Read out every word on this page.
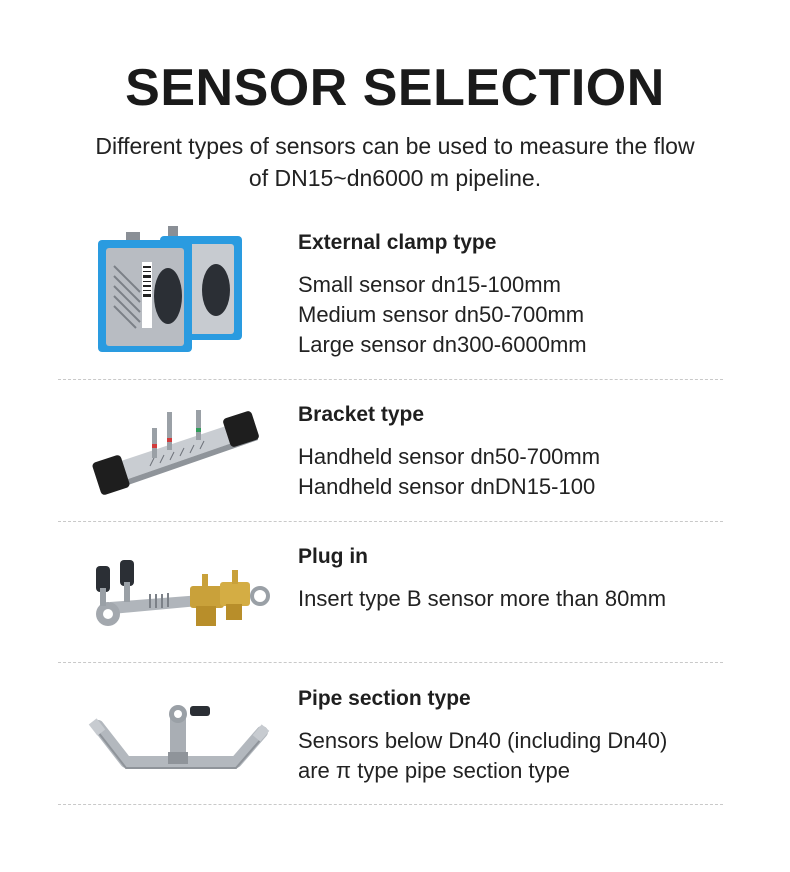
SENSOR SELECTION
Different types of sensors can be used to measure the flow
of DN15~dn6000 m pipeline.
External clamp type
Small sensor dn15-100mm
Medium sensor dn50-700mm
Large sensor dn300-6000mm
Bracket type
Handheld sensor dn50-700mm
Handheld sensor dnDN15-100
Plug in
Insert type B sensor more than 80mm
Pipe section type
Sensors below Dn40 (including Dn40)
are π type pipe section type
